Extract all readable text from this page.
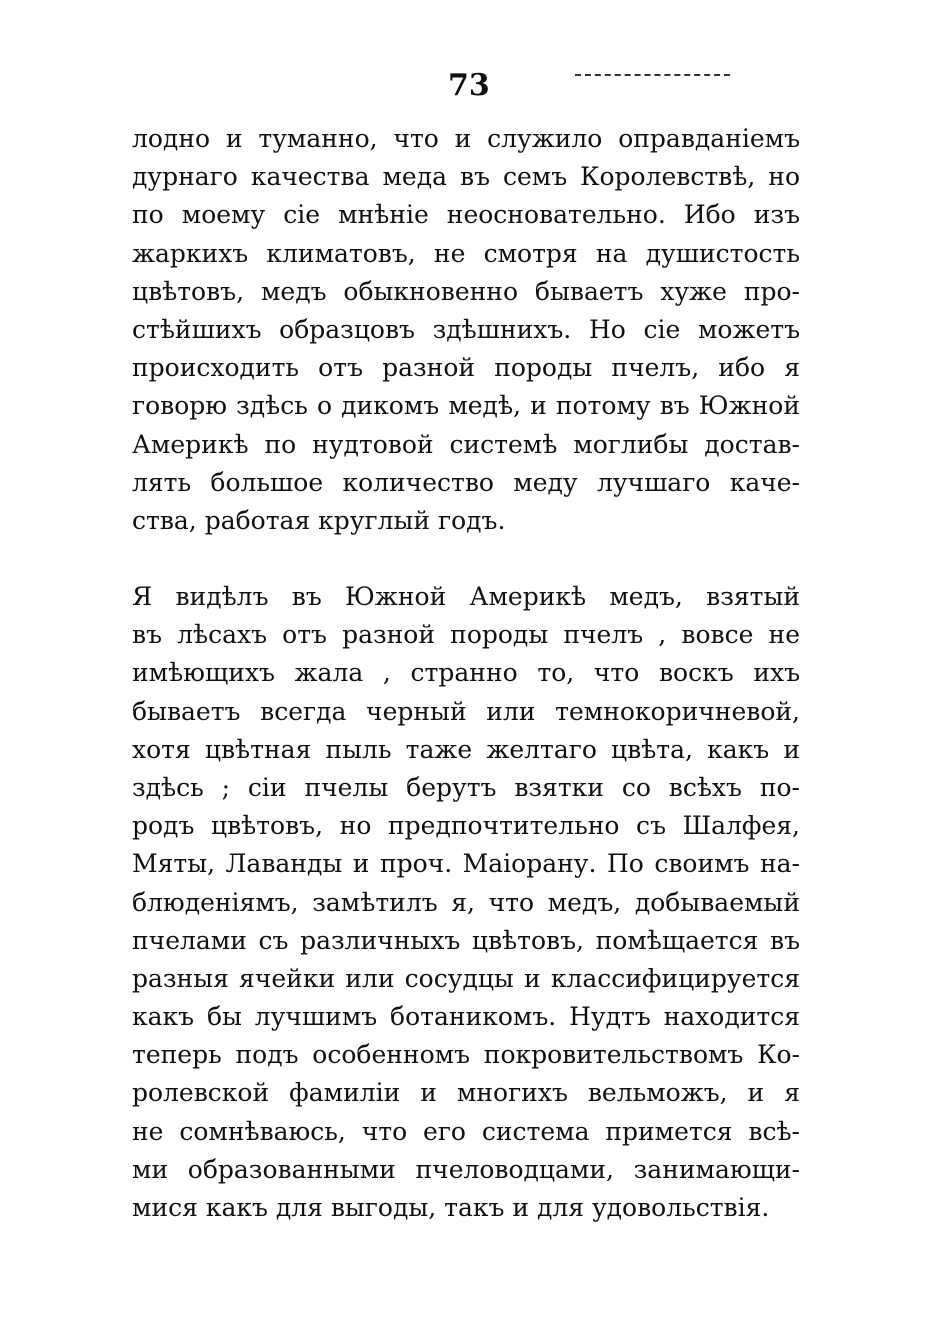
73

лодно и туманно, что и служило оправданіемъ
дурнаго качества меда въ семъ Королевствѣ, но
по моему сіе мнѣніе неосновательно. Ибо изъ
жаркихъ климатовъ, не смотря на душистость
цвѣтовъ, медъ обыкновенно бываетъ хуже про-
стѣйшихъ образцовъ здѣшнихъ. Но сіе можетъ
происходить отъ разной породы пчелъ, ибо я
говорю здѣсь о дикомъ медѣ, и потому въ Южной
Америкѣ по нудтовой системѣ моглибы достав-
лять большое количество меду лучшаго каче-
ства, работая круглый годъ.

Я видѣлъ въ Южной Америкѣ медъ, взятый
въ лѣсахъ отъ разной породы пчелъ , вовсе не
имѣющихъ жала , странно то, что воскъ ихъ
бываетъ всегда черный или темнокоричневой,
хотя цвѣтная пыль таже желтаго цвѣта, какъ и
здѣсь ; сіи пчелы берутъ взятки со всѣхъ по-
родъ цвѣтовъ, но предпочтительно съ Шалфея,
Мяты, Лаванды и проч. Маіорану. По своимъ на-
блюденіямъ, замѣтилъ я, что медъ, добываемый
пчелами съ различныхъ цвѣтовъ, помѣщается въ
разныя ячейки или сосудцы и классифицируется
какъ бы лучшимъ ботаникомъ. Нудтъ находится
теперь подъ особенномъ покровительствомъ Ко-
ролевской фамиліи и многихъ вельможъ, и я
не сомнѣваюсь, что его система примется всѣ-
ми образованными пчеловодцами, занимающи-
мися какъ для выгоды, такъ и для удовольствія.
